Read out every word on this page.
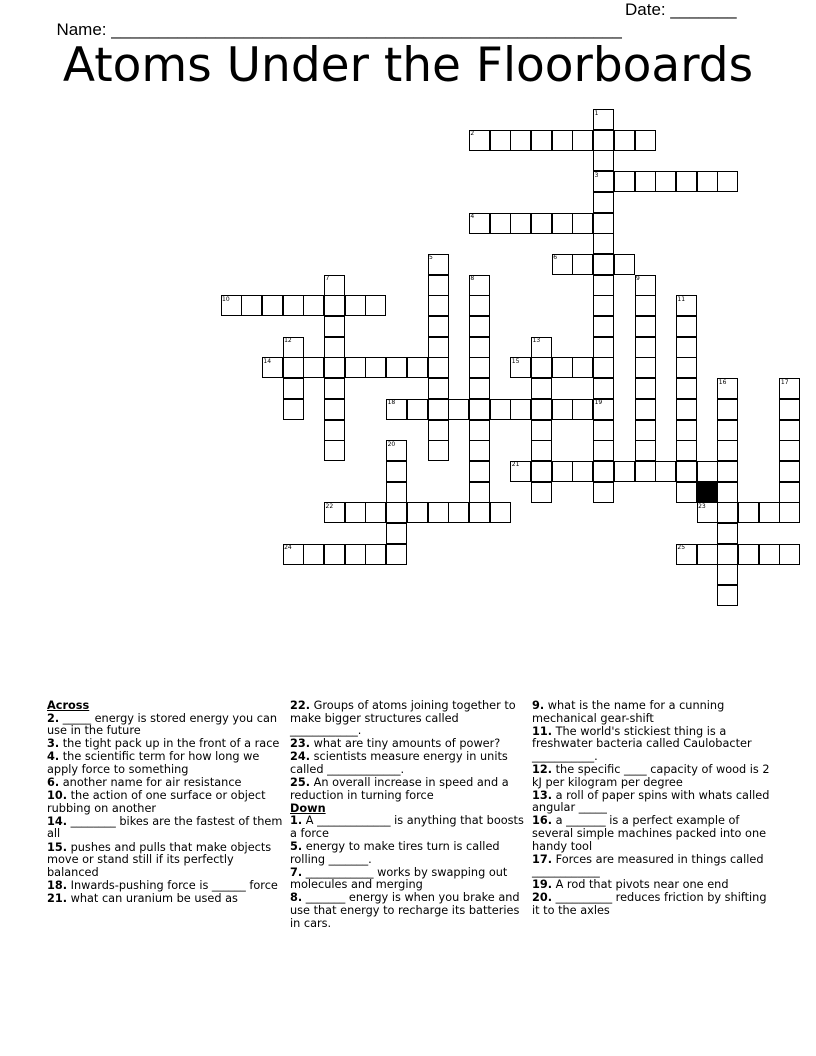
Name: ______________________________________________________

Date: _______

Atoms Under the Floorboards
2
3
4
6
10
14	15
18
21
22	23
24	25
1
5
7	8	9
11
12	13
16	17
19
20
Across
2. _____ energy is stored energy you can use in the future
3. the tight pack up in the front of a race
4. the scientific term for how long we apply force to something
6. another name for air resistance
10. the action of one surface or object rubbing on another
14. ________ bikes are the fastest of them all
15. pushes and pulls that make objects move or stand still if its perfectly balanced
18. Inwards-pushing force is ______ force
21. what can uranium be used as
22. Groups of atoms joining together to make bigger structures called ____________.
23. what are tiny amounts of power?
24. scientists measure energy in units called _____________.
25. An overall increase in speed and a reduction in turning force
Down
1. A _____________ is anything that boosts a force
5. energy to make tires turn is called rolling _______.
7. ____________ works by swapping out molecules and merging
8. _______ energy is when you brake and use that energy to recharge its batteries in cars.
9. what is the name for a cunning mechanical gear-shift
11. The world's stickiest thing is a freshwater bacteria called Caulobacter ___________.
12. the specific ____ capacity of wood is 2 kJ per kilogram per degree
13. a roll of paper spins with whats called angular _____
16. a _______ is a perfect example of several simple machines packed into one handy tool
17. Forces are measured in things called ____________
19. A rod that pivots near one end
20. __________ reduces friction by shifting it to the axles
